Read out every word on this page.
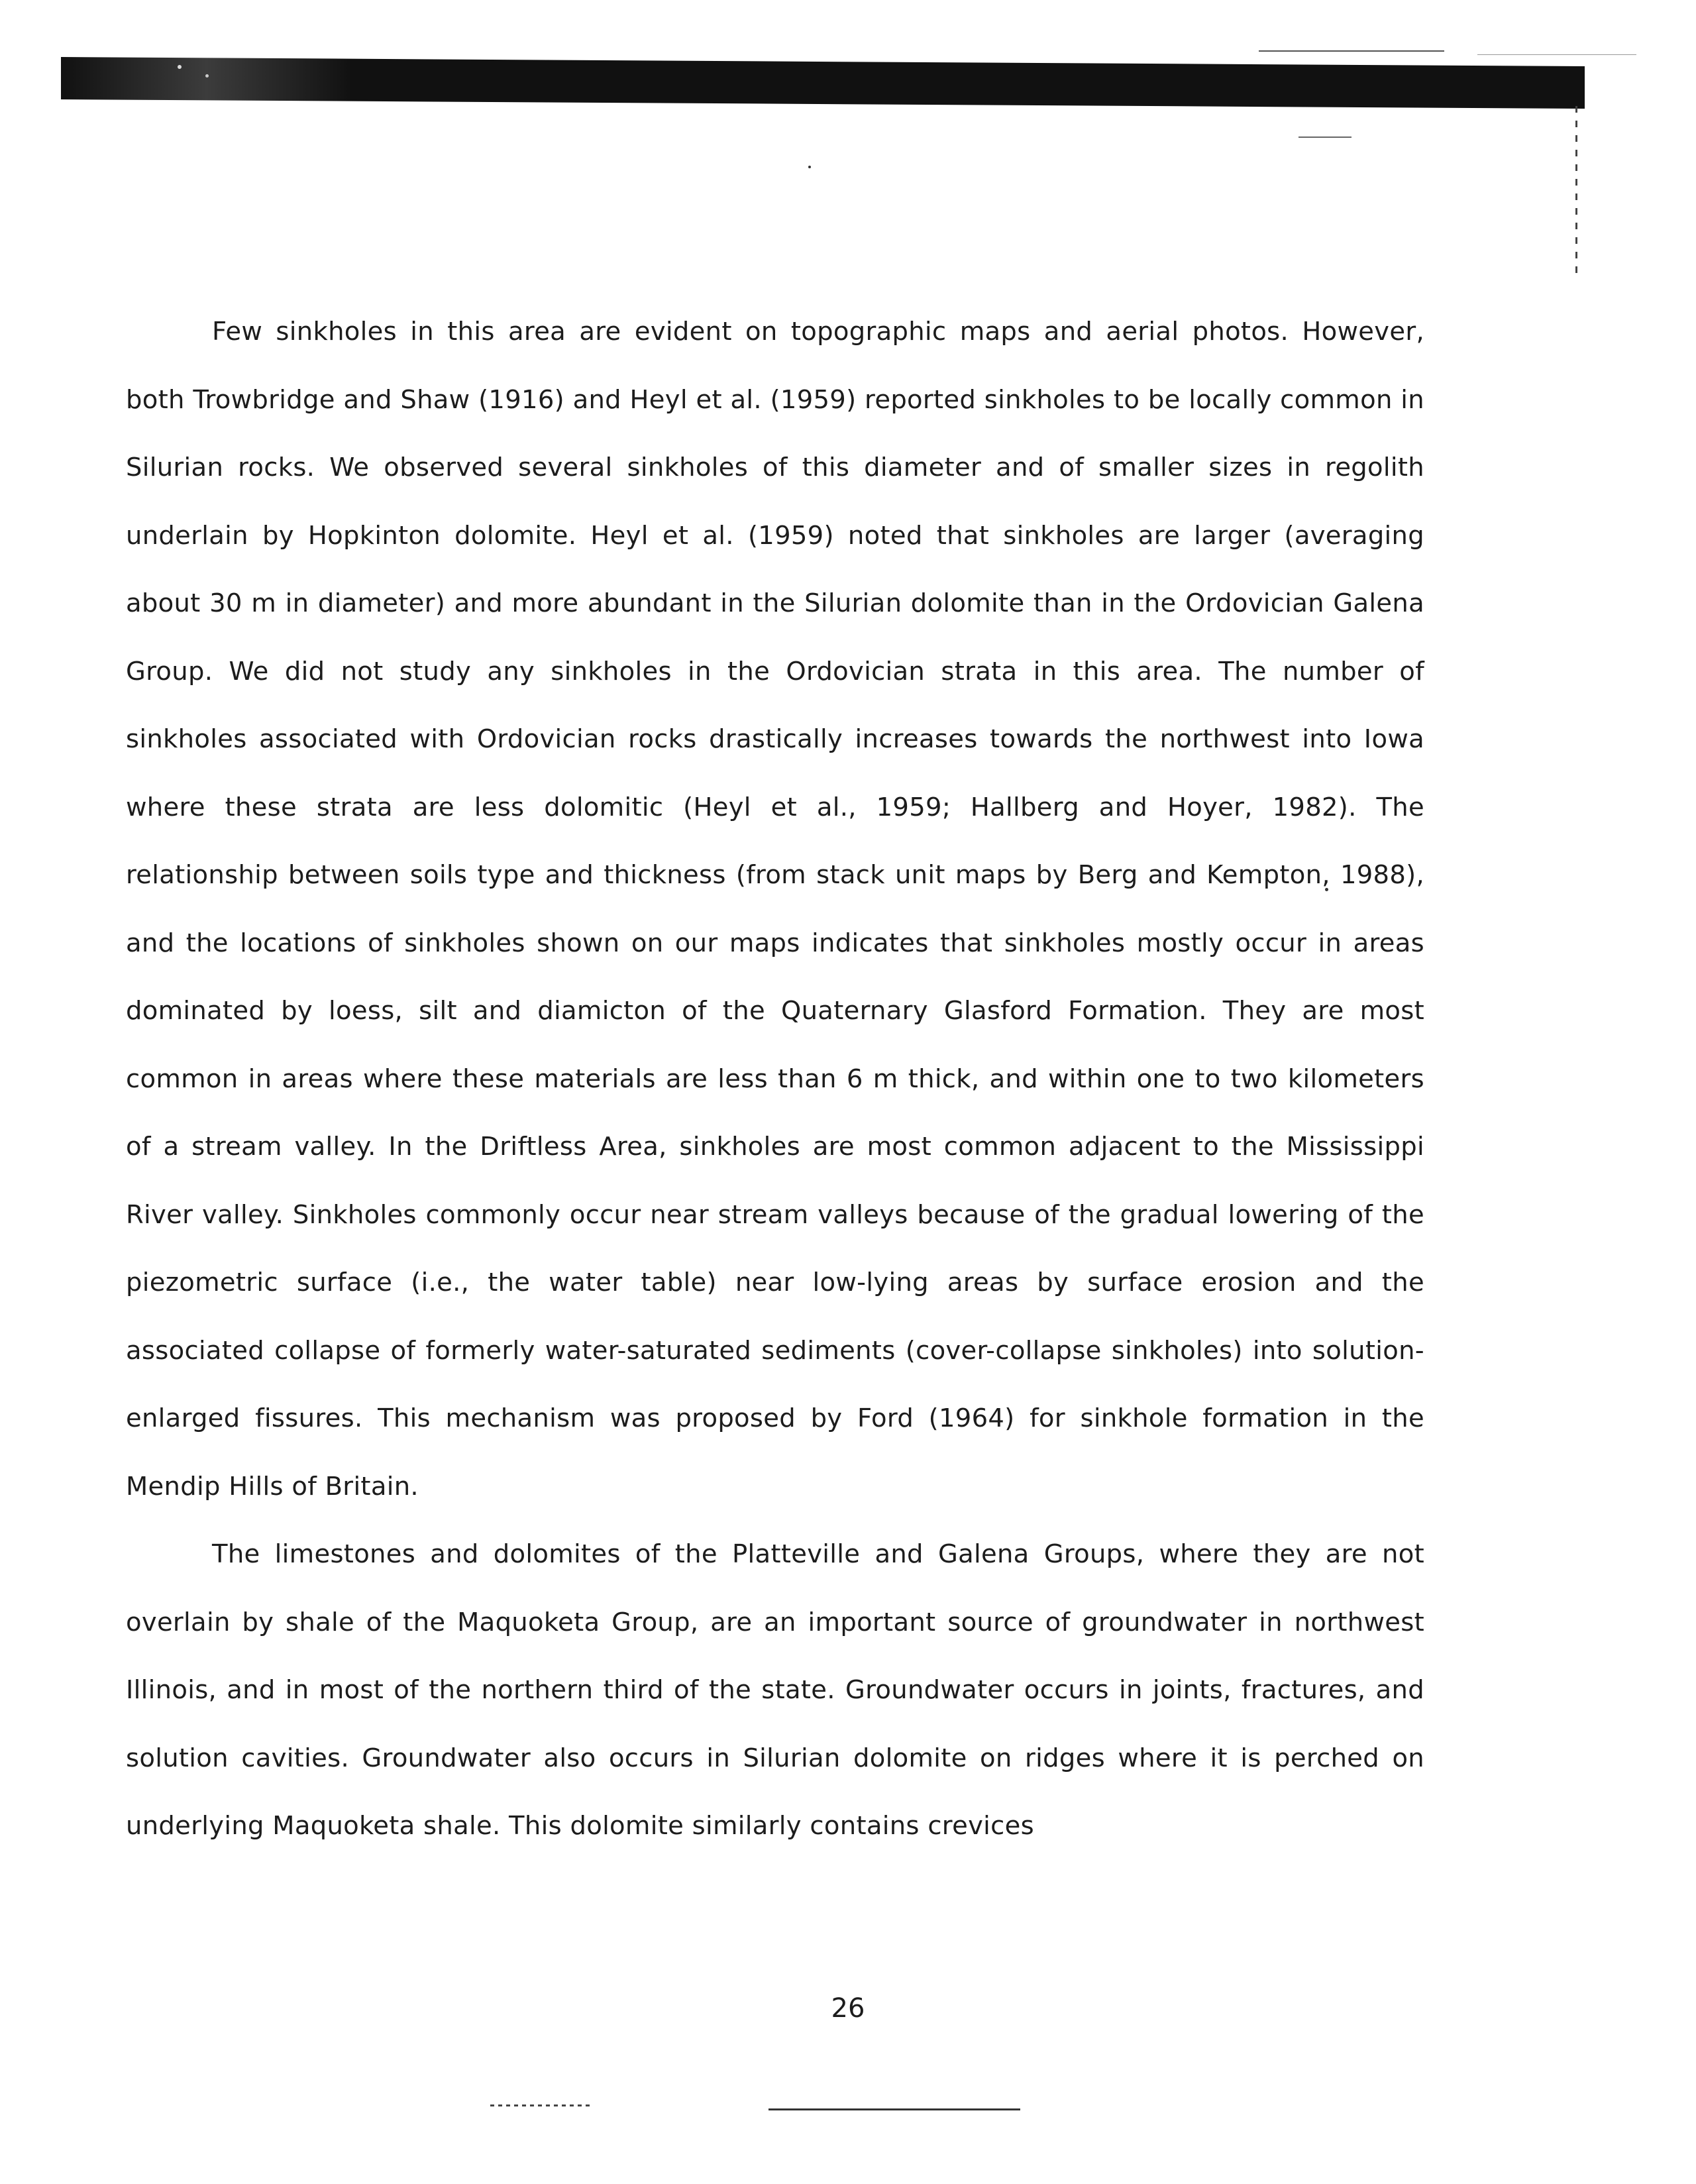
Few sinkholes in this area are evident on topographic maps and aerial photos. However, both Trowbridge and Shaw (1916) and Heyl et al. (1959) reported sinkholes to be locally common in Silurian rocks. We observed several sinkholes of this diameter and of smaller sizes in regolith underlain by Hopkinton dolomite. Heyl et al. (1959) noted that sinkholes are larger (averaging about 30 m in diameter) and more abundant in the Silurian dolomite than in the Ordovician Galena Group. We did not study any sinkholes in the Ordovician strata in this area. The number of sinkholes associated with Ordovician rocks drastically increases towards the northwest into Iowa where these strata are less dolomitic (Heyl et al., 1959; Hallberg and Hoyer, 1982). The relationship between soils type and thickness (from stack unit maps by Berg and Kempton, 1988), and the locations of sinkholes shown on our maps indicates that sinkholes mostly occur in areas dominated by loess, silt and diamicton of the Quaternary Glasford Formation. They are most common in areas where these materials are less than 6 m thick, and within one to two kilometers of a stream valley. In the Driftless Area, sinkholes are most common adjacent to the Mississippi River valley. Sinkholes commonly occur near stream valleys because of the gradual lowering of the piezometric surface (i.e., the water table) near low-lying areas by surface erosion and the associated collapse of formerly water-saturated sediments (cover-collapse sinkholes) into solution-enlarged fissures. This mechanism was proposed by Ford (1964) for sinkhole formation in the Mendip Hills of Britain.

The limestones and dolomites of the Platteville and Galena Groups, where they are not overlain by shale of the Maquoketa Group, are an important source of groundwater in northwest Illinois, and in most of the northern third of the state. Groundwater occurs in joints, fractures, and solution cavities. Groundwater also occurs in Silurian dolomite on ridges where it is perched on underlying Maquoketa shale. This dolomite similarly contains crevices

26
